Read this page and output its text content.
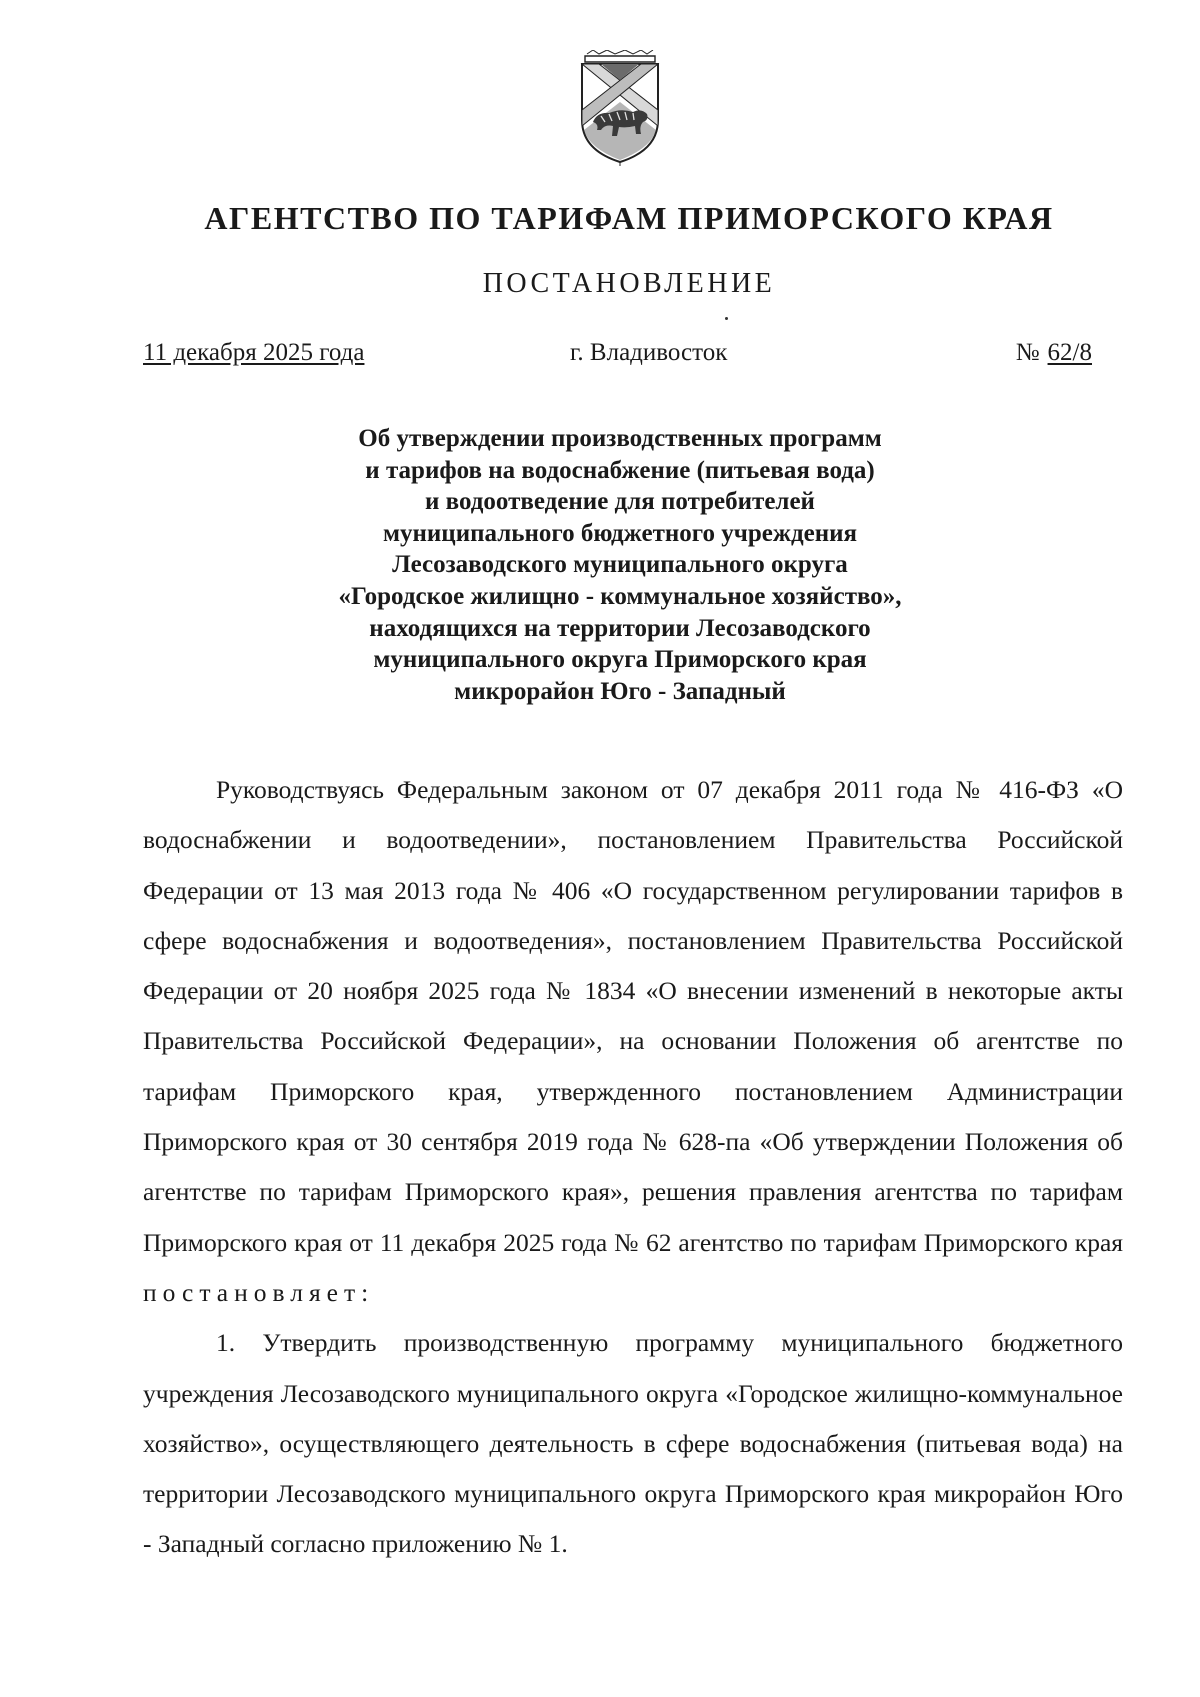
АГЕНТСТВО ПО ТАРИФАМ ПРИМОРСКОГО КРАЯ
ПОСТАНОВЛЕНИЕ
11 декабря 2025 года	г. Владивосток	№ 62/8
Об утверждении производственных программ
и тарифов на водоснабжение (питьевая вода)
и водоотведение для потребителей
муниципального бюджетного учреждения
Лесозаводского муниципального округа
«Городское жилищно - коммунальное хозяйство»,
находящихся на территории Лесозаводского
муниципального округа Приморского края
микрорайон Юго - Западный

Руководствуясь Федеральным законом от 07 декабря 2011 года № 416-ФЗ «О водоснабжении и водоотведении», постановлением Правительства Российской Федерации от 13 мая 2013 года № 406 «О государственном регулировании тарифов в сфере водоснабжения и водоотведения», постановлением Правительства Российской Федерации от 20 ноября 2025 года № 1834 «О внесении изменений в некоторые акты Правительства Российской Федерации», на основании Положения об агентстве по тарифам Приморского края, утвержденного постановлением Администрации Приморского края от 30 сентября 2019 года № 628-па «Об утверждении Положения об агентстве по тарифам Приморского края», решения правления агентства по тарифам Приморского края от 11 декабря 2025 года № 62 агентство по тарифам Приморского края постановляет:

1. Утвердить производственную программу муниципального бюджетного учреждения Лесозаводского муниципального округа «Городское жилищно-коммунальное хозяйство», осуществляющего деятельность в сфере водоснабжения (питьевая вода) на территории Лесозаводского муниципального округа Приморского края микрорайон Юго - Западный согласно приложению № 1.
